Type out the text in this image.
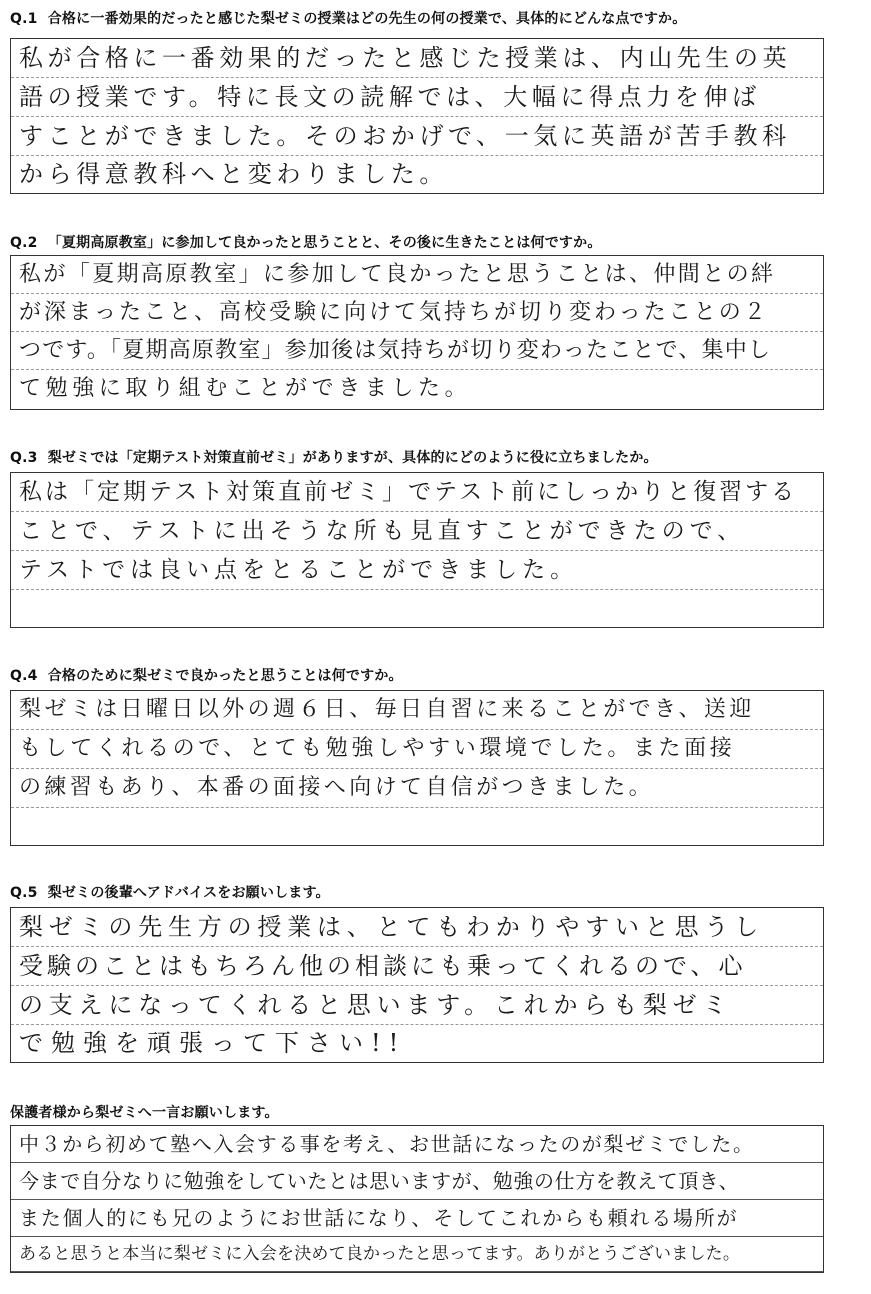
Q.1 合格に一番効果的だったと感じた梨ゼミの授業はどの先生の何の授業で、具体的にどんな点ですか。
私が合格に一番効果的だったと感じた授業は、内山先生の英
語の授業です。特に長文の読解では、大幅に得点力を伸ば
すことができました。そのおかげで、一気に英語が苦手教科
から得意教科へと変わりました。
Q.2 「夏期高原教室」に参加して良かったと思うことと、その後に生きたことは何ですか。
私が「夏期高原教室」に参加して良かったと思うことは、仲間との絆
が深まったこと、高校受験に向けて気持ちが切り変わったことの２
つです。「夏期高原教室」参加後は気持ちが切り変わったことで、集中し
て勉強に取り組むことができました。
Q.3 梨ゼミでは「定期テスト対策直前ゼミ」がありますが、具体的にどのように役に立ちましたか。
私は「定期テスト対策直前ゼミ」でテスト前にしっかりと復習する
ことで、テストに出そうな所も見直すことができたので、
テストでは良い点をとることができました。
Q.4 合格のために梨ゼミで良かったと思うことは何ですか。
梨ゼミは日曜日以外の週６日、毎日自習に来ることができ、送迎
もしてくれるので、とても勉強しやすい環境でした。また面接
の練習もあり、本番の面接へ向けて自信がつきました。
Q.5 梨ゼミの後輩へアドバイスをお願いします。
梨ゼミの先生方の授業は、とてもわかりやすいと思うし
受験のことはもちろん他の相談にも乗ってくれるので、心
の支えになってくれると思います。これからも梨ゼミ
で勉強を頑張って下さい!!
保護者様から梨ゼミへ一言お願いします。
中３から初めて塾へ入会する事を考え、お世話になったのが梨ゼミでした。
今まで自分なりに勉強をしていたとは思いますが、勉強の仕方を教えて頂き、
また個人的にも兄のようにお世話になり、そしてこれからも頼れる場所が
あると思うと本当に梨ゼミに入会を決めて良かったと思ってます。ありがとうございました。
